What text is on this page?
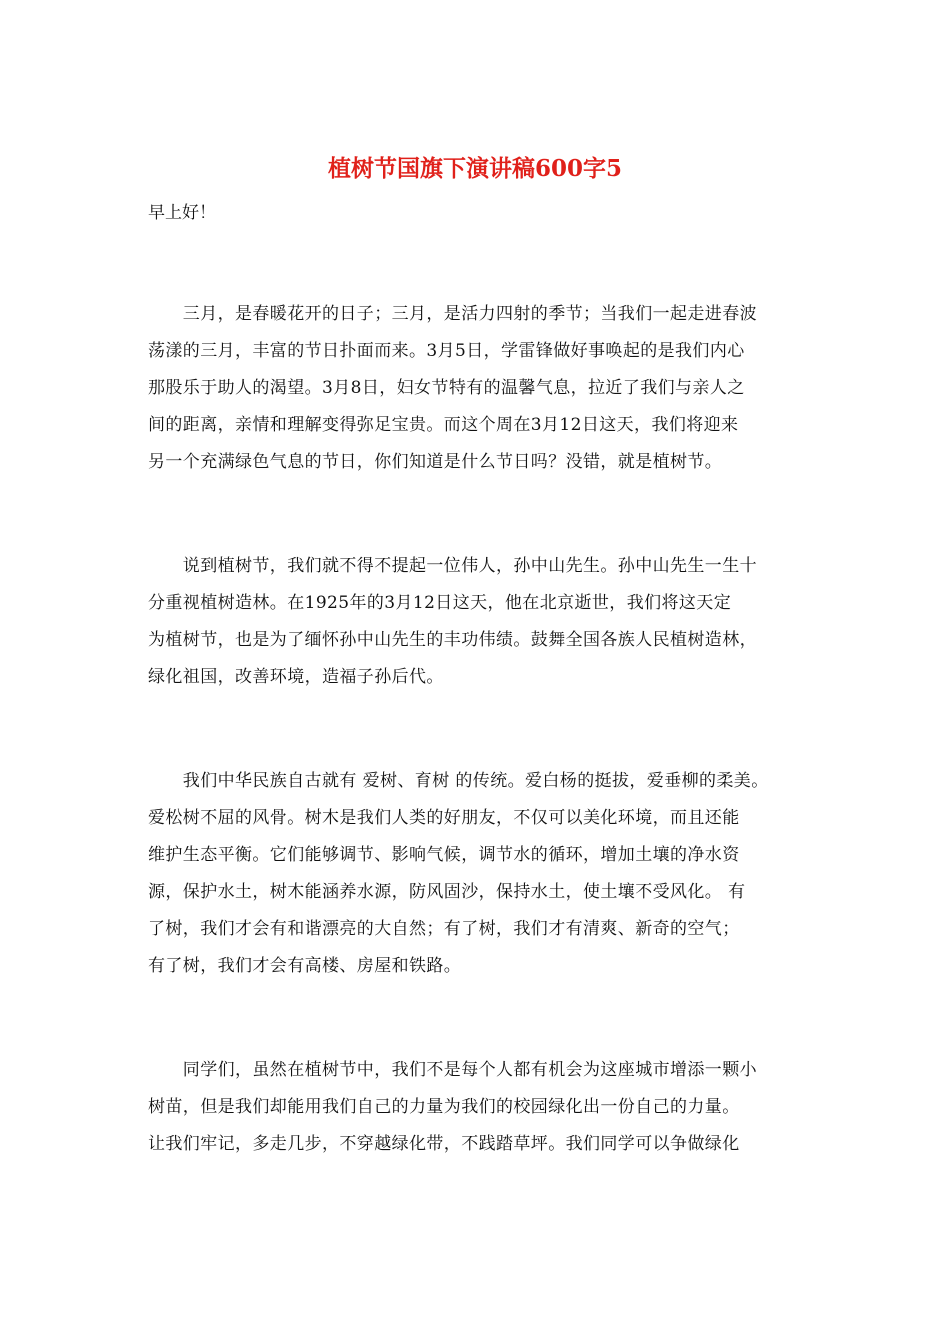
植树节国旗下演讲稿600字5

早上好！

　　三月，是春暖花开的日子；三月，是活力四射的季节；当我们一起走进春波
荡漾的三月，丰富的节日扑面而来。3月5日，学雷锋做好事唤起的是我们内心
那股乐于助人的渴望。3月8日，妇女节特有的温馨气息，拉近了我们与亲人之
间的距离，亲情和理解变得弥足宝贵。而这个周在3月12日这天，我们将迎来
另一个充满绿色气息的节日，你们知道是什么节日吗？没错，就是植树节。
　　说到植树节，我们就不得不提起一位伟人，孙中山先生。孙中山先生一生十
分重视植树造林。在1925年的3月12日这天，他在北京逝世，我们将这天定
为植树节，也是为了缅怀孙中山先生的丰功伟绩。鼓舞全国各族人民植树造林，
绿化祖国，改善环境，造福子孙后代。
　　我们中华民族自古就有 爱树、育树 的传统。爱白杨的挺拔，爱垂柳的柔美。
爱松树不屈的风骨。树木是我们人类的好朋友，不仅可以美化环境，而且还能
维护生态平衡。它们能够调节、影响气候，调节水的循环，增加土壤的净水资
源，保护水土，树木能涵养水源，防风固沙，保持水土，使土壤不受风化。 有
了树，我们才会有和谐漂亮的大自然；有了树，我们才有清爽、新奇的空气；
有了树，我们才会有高楼、房屋和铁路。
　　同学们，虽然在植树节中，我们不是每个人都有机会为这座城市增添一颗小
树苗，但是我们却能用我们自己的力量为我们的校园绿化出一份自己的力量。
让我们牢记，多走几步，不穿越绿化带，不践踏草坪。我们同学可以争做绿化
